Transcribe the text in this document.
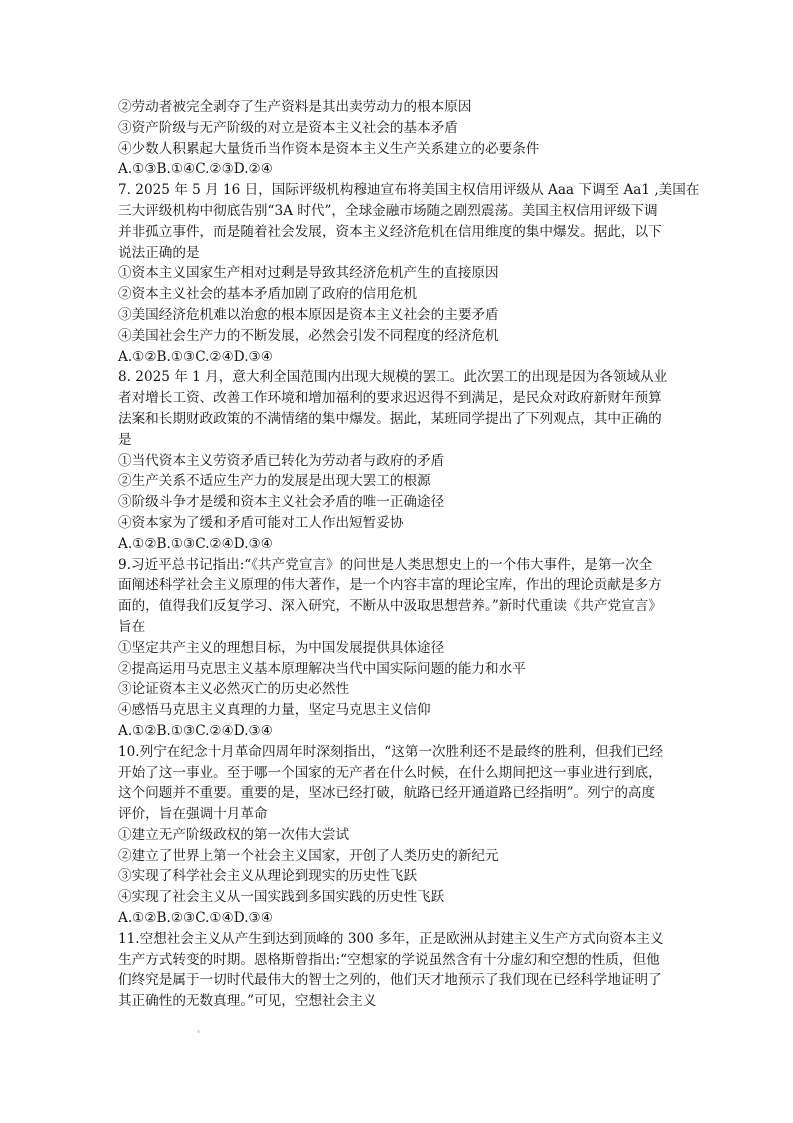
②劳动者被完全剥夺了生产资料是其出卖劳动力的根本原因

③资产阶级与无产阶级的对立是资本主义社会的基本矛盾

④少数人积累起大量货币当作资本是资本主义生产关系建立的必要条件

A.①③B.①④C.②③D.②④

7. 2025 年 5 月 16 日，国际评级机构穆迪宣布将美国主权信用评级从 Aaa 下调至 Aa1 ,美国在

三大评级机构中彻底告别“3A 时代”，全球金融市场随之剧烈震荡。美国主权信用评级下调

并非孤立事件，而是随着社会发展，资本主义经济危机在信用维度的集中爆发。据此，以下

说法正确的是

①资本主义国家生产相对过剩是导致其经济危机产生的直接原因

②资本主义社会的基本矛盾加剧了政府的信用危机

③美国经济危机难以治愈的根本原因是资本主义社会的主要矛盾

④美国社会生产力的不断发展，必然会引发不同程度的经济危机

A.①②B.①③C.②④D.③④

8. 2025 年 1 月，意大利全国范围内出现大规模的罢工。此次罢工的出现是因为各领域从业

者对增长工资、改善工作环境和增加福利的要求迟迟得不到满足，是民众对政府新财年预算

法案和长期财政政策的不满情绪的集中爆发。据此，某班同学提出了下列观点，其中正确的

是

①当代资本主义劳资矛盾已转化为劳动者与政府的矛盾

②生产关系不适应生产力的发展是出现大罢工的根源

③阶级斗争才是缓和资本主义社会矛盾的唯一正确途径

④资本家为了缓和矛盾可能对工人作出短暂妥协

A.①②B.①③C.②④D.③④

9.习近平总书记指出:“《共产党宣言》的问世是人类思想史上的一个伟大事件，是第一次全

面阐述科学社会主义原理的伟大著作，是一个内容丰富的理论宝库，作出的理论贡献是多方

面的，值得我们反复学习、深入研究，不断从中汲取思想营养。”新时代重读《共产党宣言》

旨在

①坚定共产主义的理想目标，为中国发展提供具体途径

②提高运用马克思主义基本原理解决当代中国实际问题的能力和水平

③论证资本主义必然灭亡的历史必然性

④感悟马克思主义真理的力量，坚定马克思主义信仰

A.①②B.①③C.②④D.③④

10.列宁在纪念十月革命四周年时深刻指出，“这第一次胜利还不是最终的胜利，但我们已经

开始了这一事业。至于哪一个国家的无产者在什么时候，在什么期间把这一事业进行到底，

这个问题并不重要。重要的是，坚冰已经打破，航路已经开通道路已经指明”。列宁的高度

评价，旨在强调十月革命

①建立无产阶级政权的第一次伟大尝试

②建立了世界上第一个社会主义国家，开创了人类历史的新纪元

③实现了科学社会主义从理论到现实的历史性飞跃

④实现了社会主义从一国实践到多国实践的历史性飞跃

A.①②B.②③C.①④D.③④

11.空想社会主义从产生到达到顶峰的 300 多年，正是欧洲从封建主义生产方式向资本主义

生产方式转变的时期。恩格斯曾指出:“空想家的学说虽然含有十分虚幻和空想的性质，但他

们终究是属于一切时代最伟大的智士之列的，他们天才地预示了我们现在已经科学地证明了

其正确性的无数真理。”可见，空想社会主义
